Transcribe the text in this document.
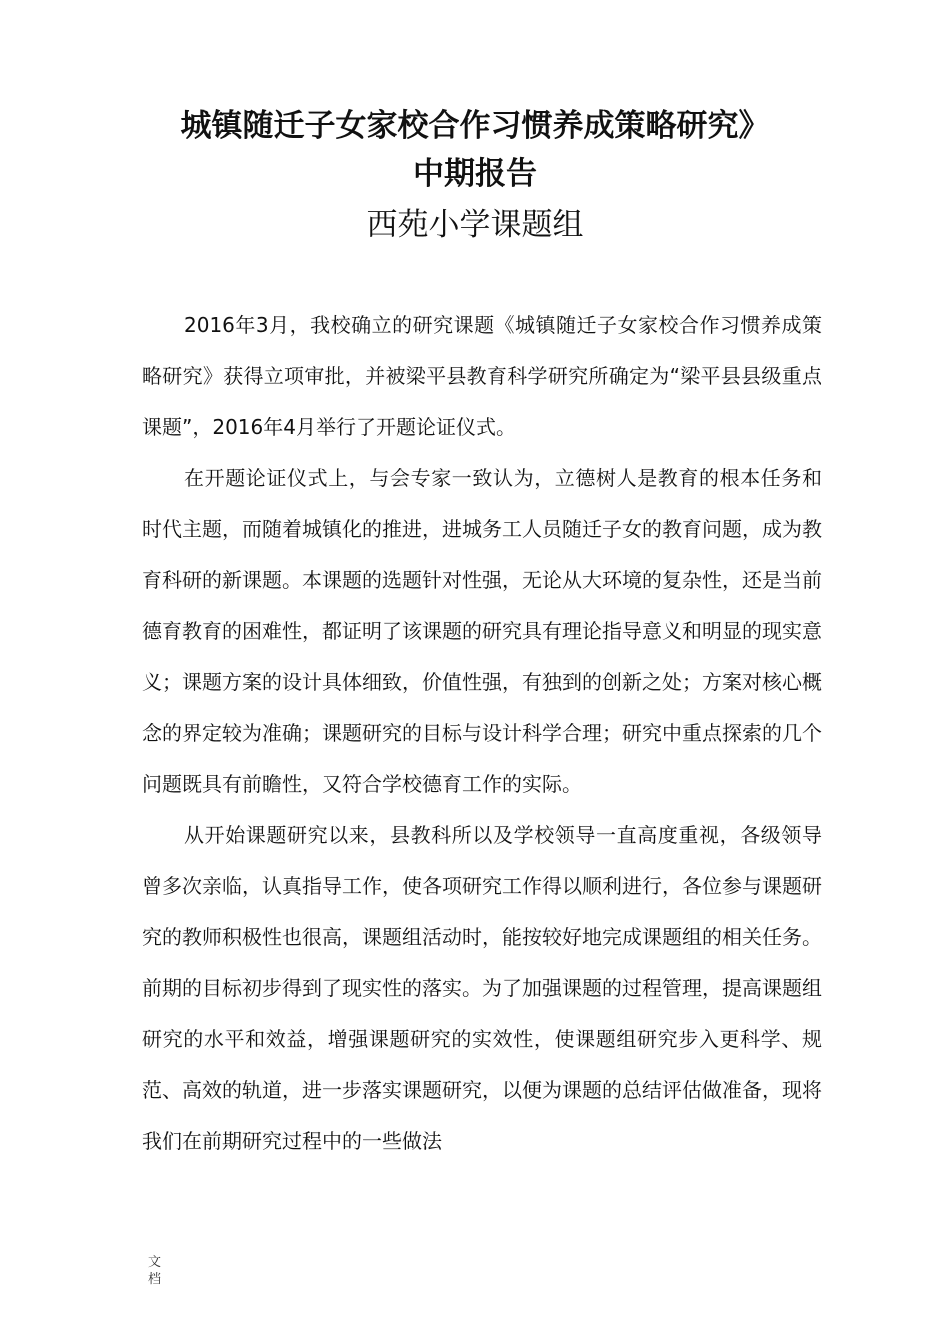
城镇随迁子女家校合作习惯养成策略研究》
中期报告
西苑小学课题组

2016年3月，我校确立的研究课题《城镇随迁子女家校合作习惯养成策略研究》获得立项审批，并被梁平县教育科学研究所确定为“梁平县县级重点课题”，2016年4月举行了开题论证仪式。

在开题论证仪式上，与会专家一致认为，立德树人是教育的根本任务和时代主题，而随着城镇化的推进，进城务工人员随迁子女的教育问题，成为教育科研的新课题。本课题的选题针对性强，无论从大环境的复杂性，还是当前德育教育的困难性，都证明了该课题的研究具有理论指导意义和明显的现实意义；课题方案的设计具体细致，价值性强，有独到的创新之处；方案对核心概念的界定较为准确；课题研究的目标与设计科学合理；研究中重点探索的几个问题既具有前瞻性，又符合学校德育工作的实际。

从开始课题研究以来，县教科所以及学校领导一直高度重视，各级领导曾多次亲临，认真指导工作，使各项研究工作得以顺利进行，各位参与课题研究的教师积极性也很高，课题组活动时，能按较好地完成课题组的相关任务。前期的目标初步得到了现实性的落实。为了加强课题的过程管理，提高课题组研究的水平和效益，增强课题研究的实效性，使课题组研究步入更科学、规范、高效的轨道，进一步落实课题研究，以便为课题的总结评估做准备，现将我们在前期研究过程中的一些做法

文档
